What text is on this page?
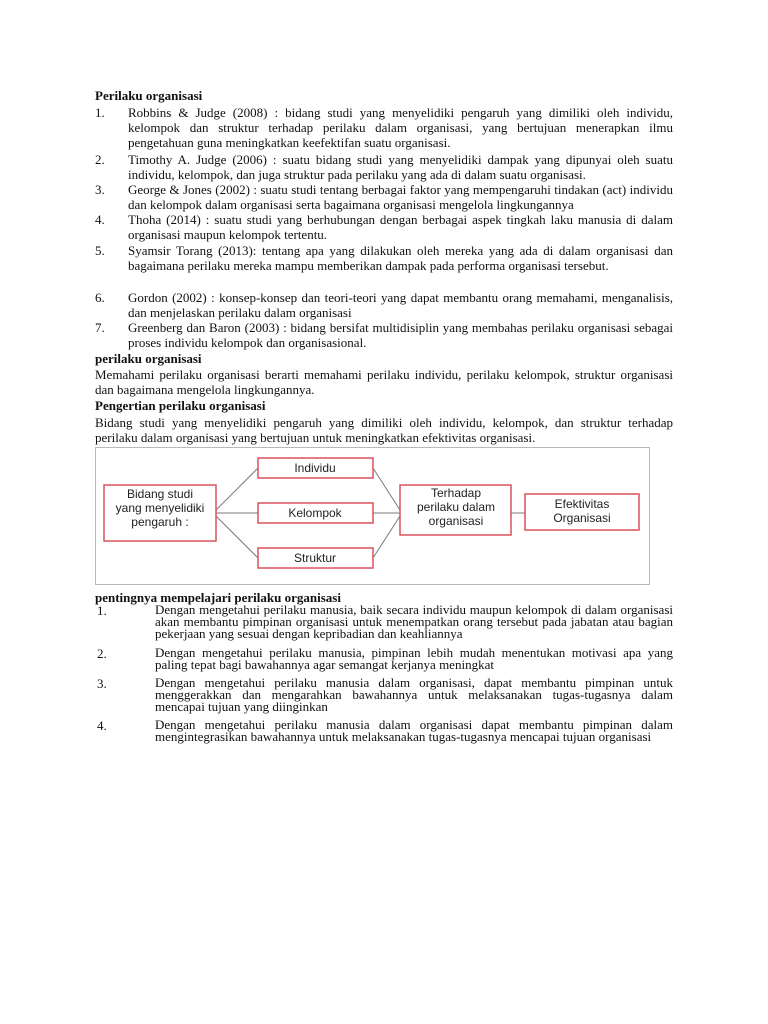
Perilaku organisasi
1. Robbins & Judge (2008) : bidang studi yang menyelidiki pengaruh yang dimiliki oleh individu, kelompok dan struktur terhadap perilaku dalam organisasi, yang bertujuan menerapkan ilmu pengetahuan guna meningkatkan keefektifan suatu organisasi.
2. Timothy A. Judge (2006) : suatu bidang studi yang menyelidiki dampak yang dipunyai oleh suatu individu, kelompok, dan juga struktur pada perilaku yang ada di dalam suatu organisasi.
3. George & Jones (2002) : suatu studi tentang berbagai faktor yang mempengaruhi tindakan (act) individu dan kelompok dalam organisasi serta bagaimana organisasi mengelola lingkungannya
4. Thoha (2014) : suatu studi yang berhubungan dengan berbagai aspek tingkah laku manusia di dalam organisasi maupun kelompok tertentu.
5. Syamsir Torang (2013): tentang apa yang dilakukan oleh mereka yang ada di dalam organisasi dan bagaimana perilaku mereka mampu memberikan dampak pada performa organisasi tersebut.
6. Gordon (2002) : konsep-konsep dan teori-teori yang dapat membantu orang memahami, menganalisis, dan menjelaskan perilaku dalam organisasi
7. Greenberg dan Baron (2003) : bidang bersifat multidisiplin yang membahas perilaku organisasi sebagai proses individu kelompok dan organisasional.
perilaku organisasi
Memahami perilaku organisasi berarti memahami perilaku individu, perilaku kelompok, struktur organisasi dan bagaimana mengelola lingkungannya.
Pengertian perilaku organisasi
Bidang studi yang menyelidiki pengaruh yang dimiliki oleh individu, kelompok, dan struktur terhadap perilaku dalam organisasi yang bertujuan untuk meningkatkan efektivitas organisasi.
Bidang studi
yang menyelidiki
pengaruh :
Individu
Kelompok
Struktur
Terhadap
perilaku dalam
organisasi
Efektivitas
Organisasi
pentingnya mempelajari perilaku organisasi
1.	Dengan mengetahui perilaku manusia, baik secara individu maupun kelompok di dalam organisasi akan membantu pimpinan organisasi untuk menempatkan orang tersebut pada jabatan atau bagian pekerjaan yang sesuai dengan kepribadian dan keahliannya
2.	Dengan mengetahui perilaku manusia, pimpinan lebih mudah menentukan motivasi apa yang paling tepat bagi bawahannya agar semangat kerjanya meningkat
3.	Dengan mengetahui perilaku manusia dalam organisasi, dapat membantu pimpinan untuk menggerakkan dan mengarahkan bawahannya untuk melaksanakan tugas-tugasnya dalam mencapai tujuan yang diinginkan
4.	Dengan mengetahui perilaku manusia dalam organisasi dapat membantu pimpinan dalam mengintegrasikan bawahannya untuk melaksanakan tugas-tugasnya mencapai tujuan organisasi
